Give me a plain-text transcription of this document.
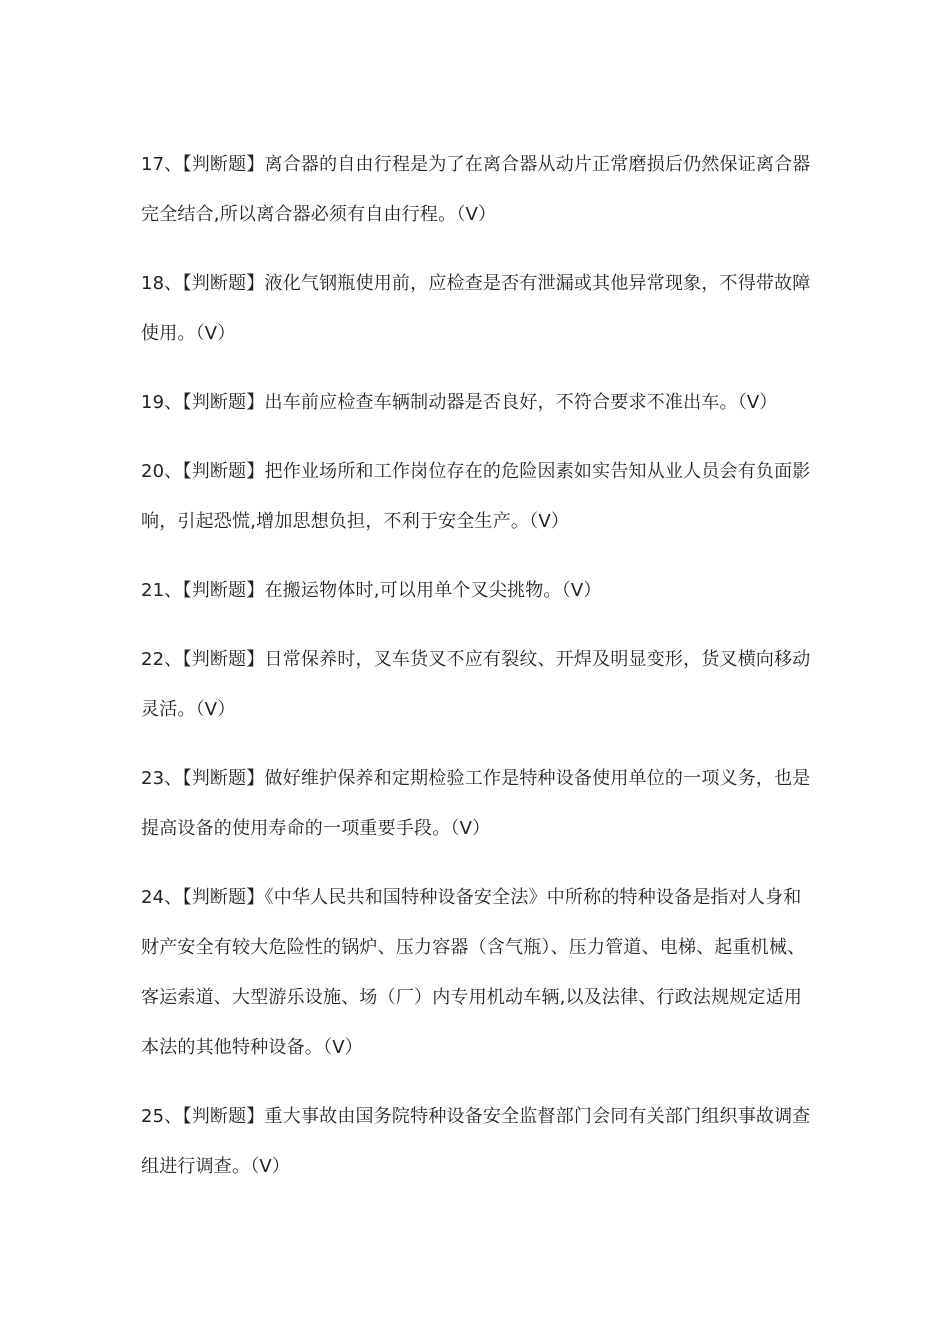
17、【判断题】离合器的自由行程是为了在离合器从动片正常磨损后仍然保证离合器完全结合,所以离合器必须有自由行程。（V）

18、【判断题】液化气钢瓶使用前，应检查是否有泄漏或其他异常现象，不得带故障使用。（V）

19、【判断题】出车前应检查车辆制动器是否良好，不符合要求不准出车。（V）

20、【判断题】把作业场所和工作岗位存在的危险因素如实告知从业人员会有负面影响，引起恐慌,增加思想负担，不利于安全生产。（V）

21、【判断题】在搬运物体时,可以用单个叉尖挑物。（V）

22、【判断题】日常保养时，叉车货叉不应有裂纹、开焊及明显变形，货叉横向移动灵活。（V）

23、【判断题】做好维护保养和定期检验工作是特种设备使用单位的一项义务，也是提高设备的使用寿命的一项重要手段。（V）

24、【判断题】《中华人民共和国特种设备安全法》中所称的特种设备是指对人身和财产安全有较大危险性的锅炉、压力容器（含气瓶）、压力管道、电梯、起重机械、客运索道、大型游乐设施、场（厂）内专用机动车辆,以及法律、行政法规规定适用本法的其他特种设备。（V）

25、【判断题】重大事故由国务院特种设备安全监督部门会同有关部门组织事故调查组进行调查。（V）
